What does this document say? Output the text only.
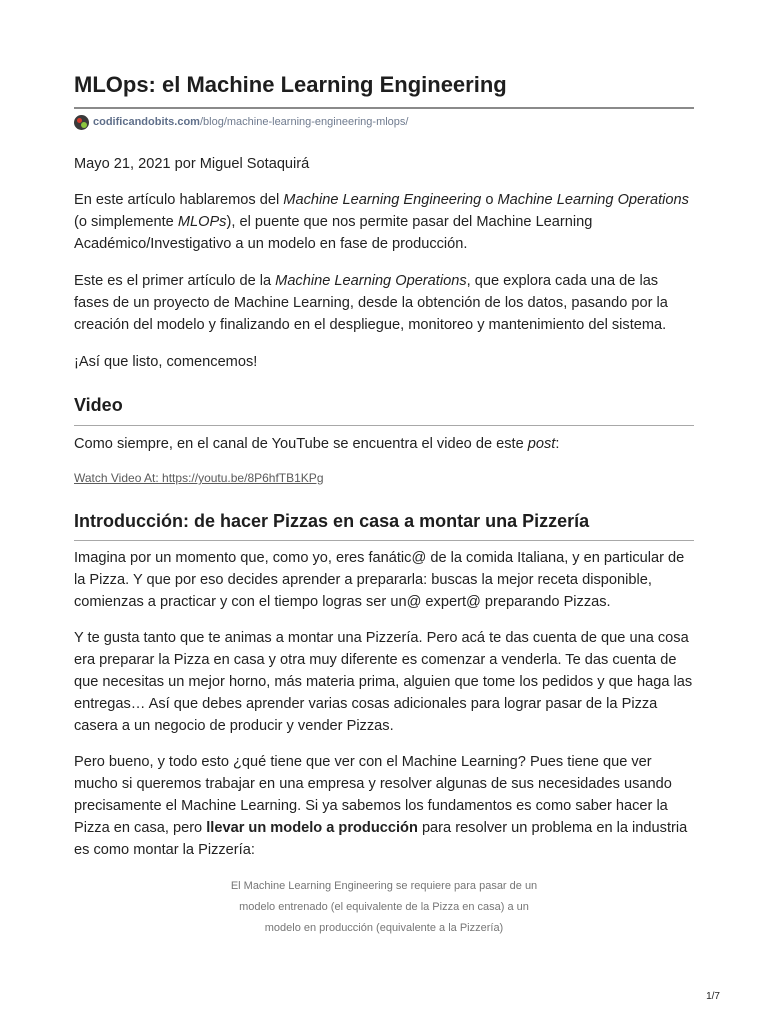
MLOps: el Machine Learning Engineering
codificandobits.com /blog/machine-learning-engineering-mlops/

Mayo 21, 2021 por Miguel Sotaquirá

En este artículo hablaremos del Machine Learning Engineering o Machine Learning Operations (o simplemente MLOPs), el puente que nos permite pasar del Machine Learning Académico/Investigativo a un modelo en fase de producción.

Este es el primer artículo de la Machine Learning Operations, que explora cada una de las fases de un proyecto de Machine Learning, desde la obtención de los datos, pasando por la creación del modelo y finalizando en el despliegue, monitoreo y mantenimiento del sistema.

¡Así que listo, comencemos!

Video

Como siempre, en el canal de YouTube se encuentra el video de este post:

Watch Video At: https://youtu.be/8P6hfTB1KPg
Introducción: de hacer Pizzas en casa a montar una Pizzería

Imagina por un momento que, como yo, eres fanátic@ de la comida Italiana, y en particular de la Pizza. Y que por eso decides aprender a prepararla: buscas la mejor receta disponible, comienzas a practicar y con el tiempo logras ser un@ expert@ preparando Pizzas.

Y te gusta tanto que te animas a montar una Pizzería. Pero acá te das cuenta de que una cosa era preparar la Pizza en casa y otra muy diferente es comenzar a venderla. Te das cuenta de que necesitas un mejor horno, más materia prima, alguien que tome los pedidos y que haga las entregas… Así que debes aprender varias cosas adicionales para lograr pasar de la Pizza casera a un negocio de producir y vender Pizzas.

Pero bueno, y todo esto ¿qué tiene que ver con el Machine Learning? Pues tiene que ver mucho si queremos trabajar en una empresa y resolver algunas de sus necesidades usando precisamente el Machine Learning. Si ya sabemos los fundamentos es como saber hacer la Pizza en casa, pero llevar un modelo a producción para resolver un problema en la industria es como montar la Pizzería:

El Machine Learning Engineering se requiere para pasar de un modelo entrenado (el equivalente de la Pizza en casa) a un modelo en producción (equivalente a la Pizzería)
1/7
